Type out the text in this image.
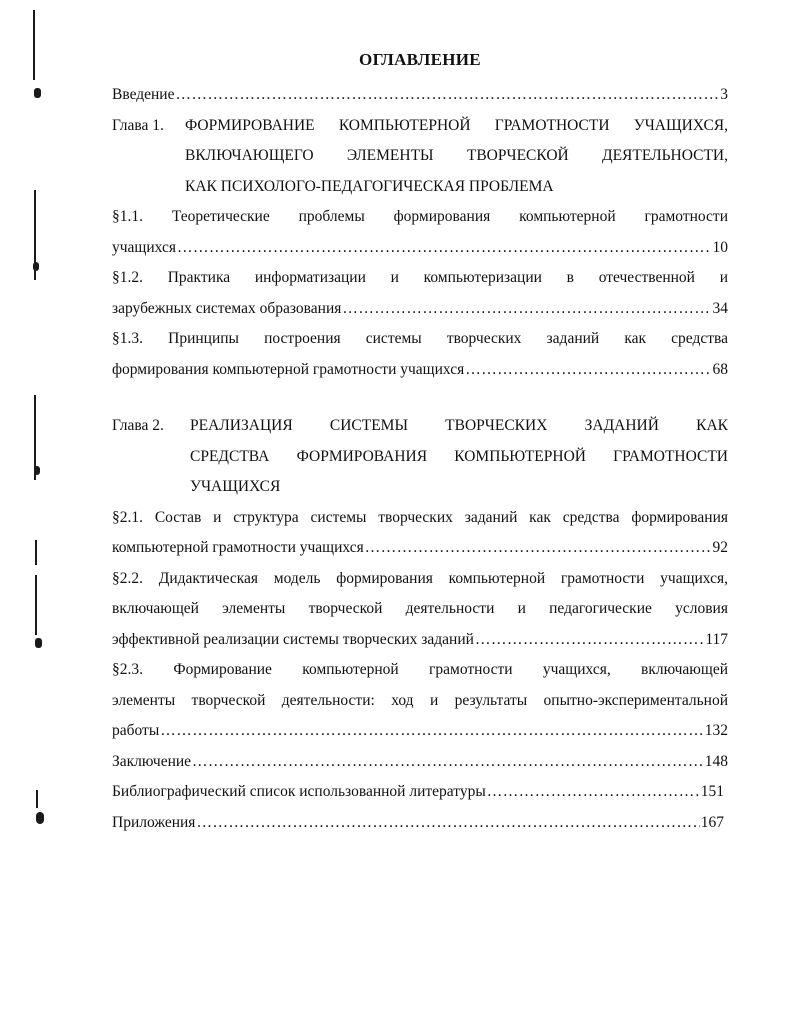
ОГЛАВЛЕНИЕ
Введение ……………………………………………………………………………………………………………………………………………………	3
Глава 1.	ФОРМИРОВАНИЕ КОМПЬЮТЕРНОЙ ГРАМОТНОСТИ УЧАЩИХСЯ,
ВКЛЮЧАЮЩЕГО ЭЛЕМЕНТЫ ТВОРЧЕСКОЙ ДЕЯТЕЛЬНОСТИ,
КАК ПСИХОЛОГО-ПЕДАГОГИЧЕСКАЯ ПРОБЛЕМА
§1.1. Теоретические проблемы формирования компьютерной грамотности
учащихся ……………………………………………………………………………………………………………………………………………………	10
§1.2. Практика информатизации и компьютеризации в отечественной и
зарубежных системах образования ……………………………………………………………………………………………………………………………………………………	34
§1.3. Принципы построения системы творческих заданий как средства
формирования компьютерной грамотности учащихся ……………………………………………………………………………………………………………………………………………………	68
Глава 2.	РЕАЛИЗАЦИЯ СИСТЕМЫ ТВОРЧЕСКИХ ЗАДАНИЙ КАК
СРЕДСТВА ФОРМИРОВАНИЯ КОМПЬЮТЕРНОЙ ГРАМОТНОСТИ
УЧАЩИХСЯ
§2.1. Состав и структура системы творческих заданий как средства формирования
компьютерной грамотности учащихся ……………………………………………………………………………………………………………………………………………………	92
§2.2. Дидактическая модель формирования компьютерной грамотности учащихся,
включающей элементы творческой деятельности и педагогические условия
эффективной реализации системы творческих заданий ……………………………………………………………………………………………………………………………………………………	117
§2.3. Формирование компьютерной грамотности учащихся, включающей
элементы творческой деятельности: ход и результаты опытно-экспериментальной
работы ……………………………………………………………………………………………………………………………………………………	132
Заключение ……………………………………………………………………………………………………………………………………………………	148
Библиографический список использованной литературы ……………………………………………………………………………………………………………………………………………………	151
Приложения ……………………………………………………………………………………………………………………………………………………	167
